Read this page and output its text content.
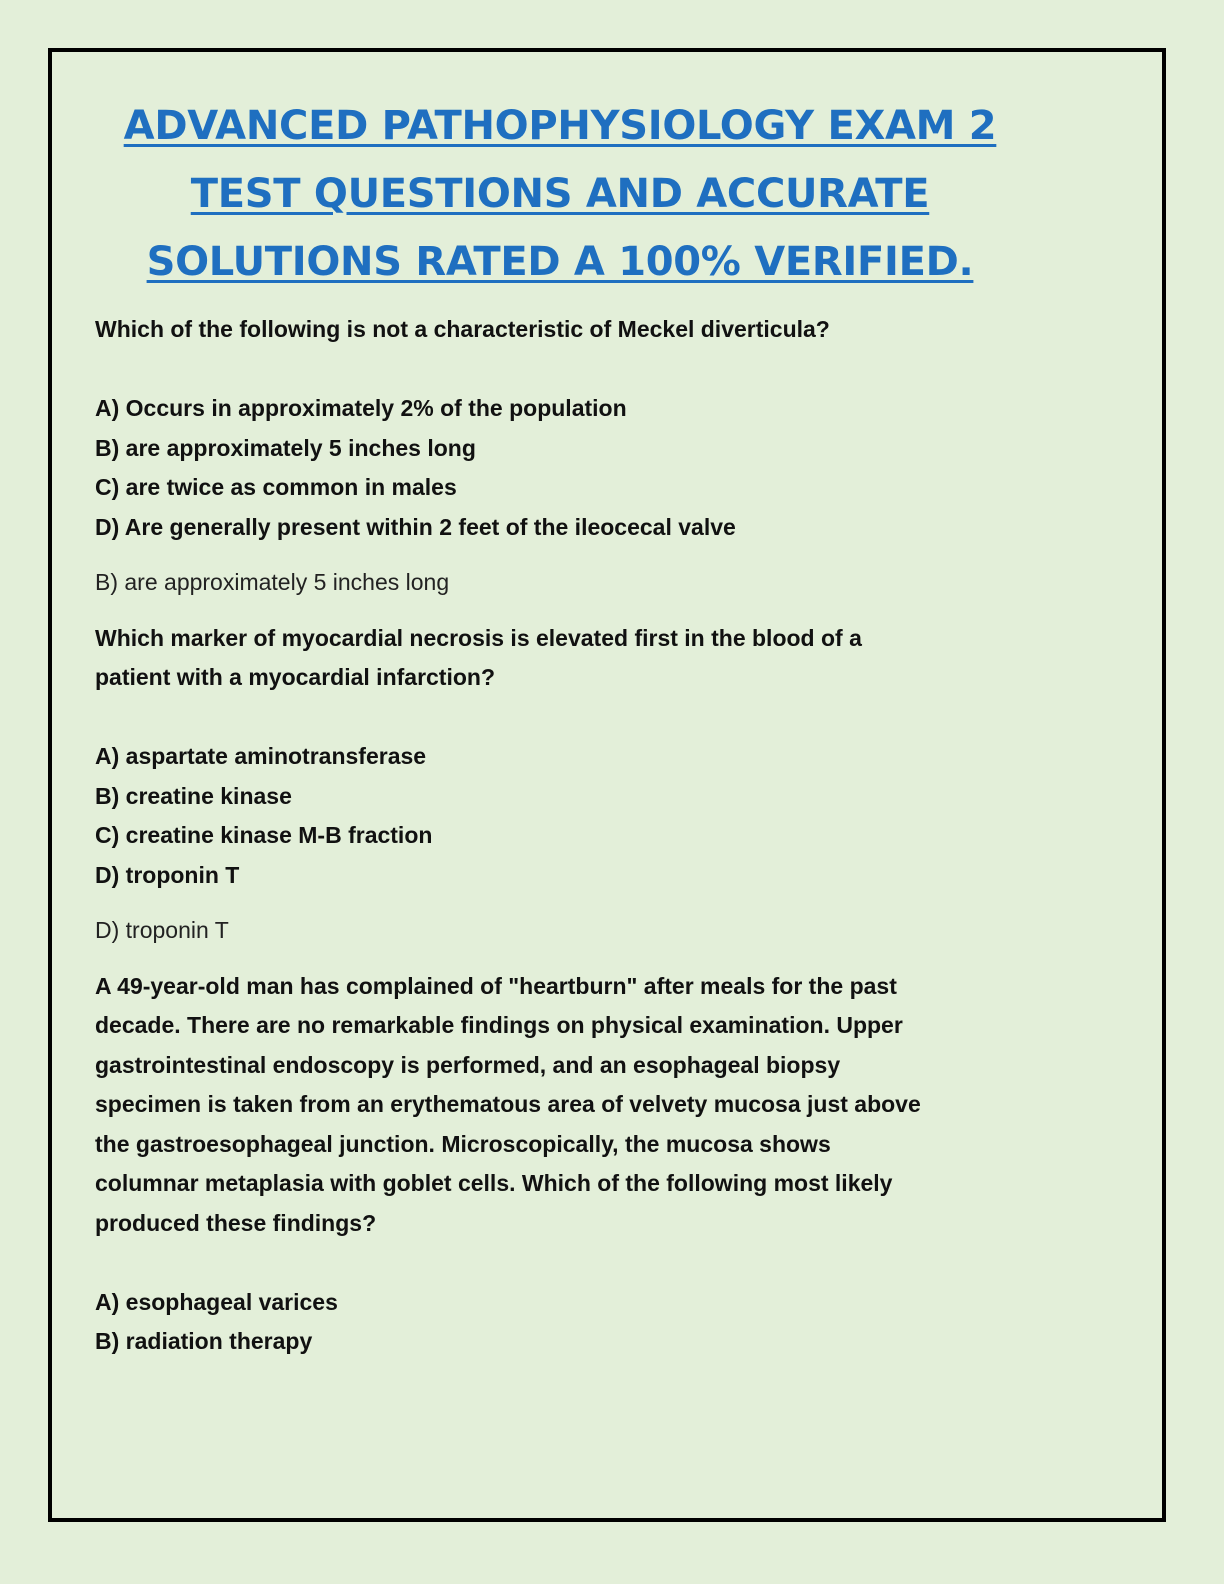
ADVANCED PATHOPHYSIOLOGY EXAM 2
TEST QUESTIONS AND ACCURATE
SOLUTIONS RATED A 100% VERIFIED.

Which of the following is not a characteristic of Meckel diverticula?

A) Occurs in approximately 2% of the population

B) are approximately 5 inches long

C) are twice as common in males

D) Are generally present within 2 feet of the ileocecal valve

B) are approximately 5 inches long

Which marker of myocardial necrosis is elevated first in the blood of a

patient with a myocardial infarction?

A) aspartate aminotransferase

B) creatine kinase

C) creatine kinase M-B fraction

D) troponin T

D) troponin T

A 49-year-old man has complained of "heartburn" after meals for the past

decade. There are no remarkable findings on physical examination. Upper

gastrointestinal endoscopy is performed, and an esophageal biopsy

specimen is taken from an erythematous area of velvety mucosa just above

the gastroesophageal junction. Microscopically, the mucosa shows

columnar metaplasia with goblet cells. Which of the following most likely

produced these findings?

A) esophageal varices

B) radiation therapy
